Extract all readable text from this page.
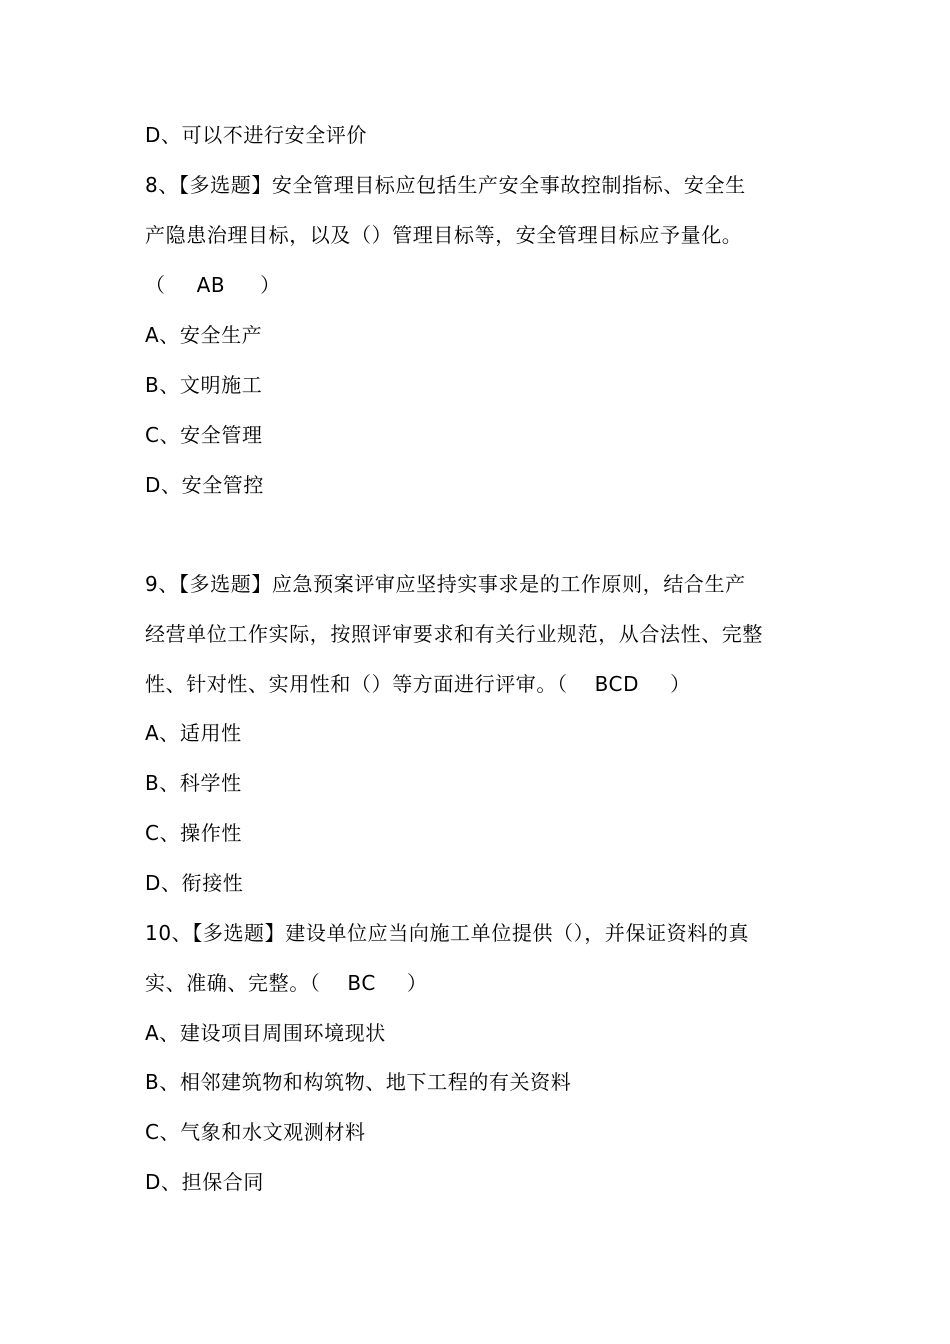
D、可以不进行安全评价
8、【多选题】安全管理目标应包括生产安全事故控制指标、安全生
产隐患治理目标，以及（）管理目标等，安全管理目标应予量化。
（ AB ）
A、安全生产
B、文明施工
C、安全管理
D、安全管控
9、【多选题】应急预案评审应坚持实事求是的工作原则，结合生产
经营单位工作实际，按照评审要求和有关行业规范，从合法性、完整
性、针对性、实用性和（）等方面进行评审。（ BCD ）
A、适用性
B、科学性
C、操作性
D、衔接性
10、【多选题】建设单位应当向施工单位提供（），并保证资料的真
实、准确、完整。（ BC ）
A、建设项目周围环境现状
B、相邻建筑物和构筑物、地下工程的有关资料
C、气象和水文观测材料
D、担保合同
